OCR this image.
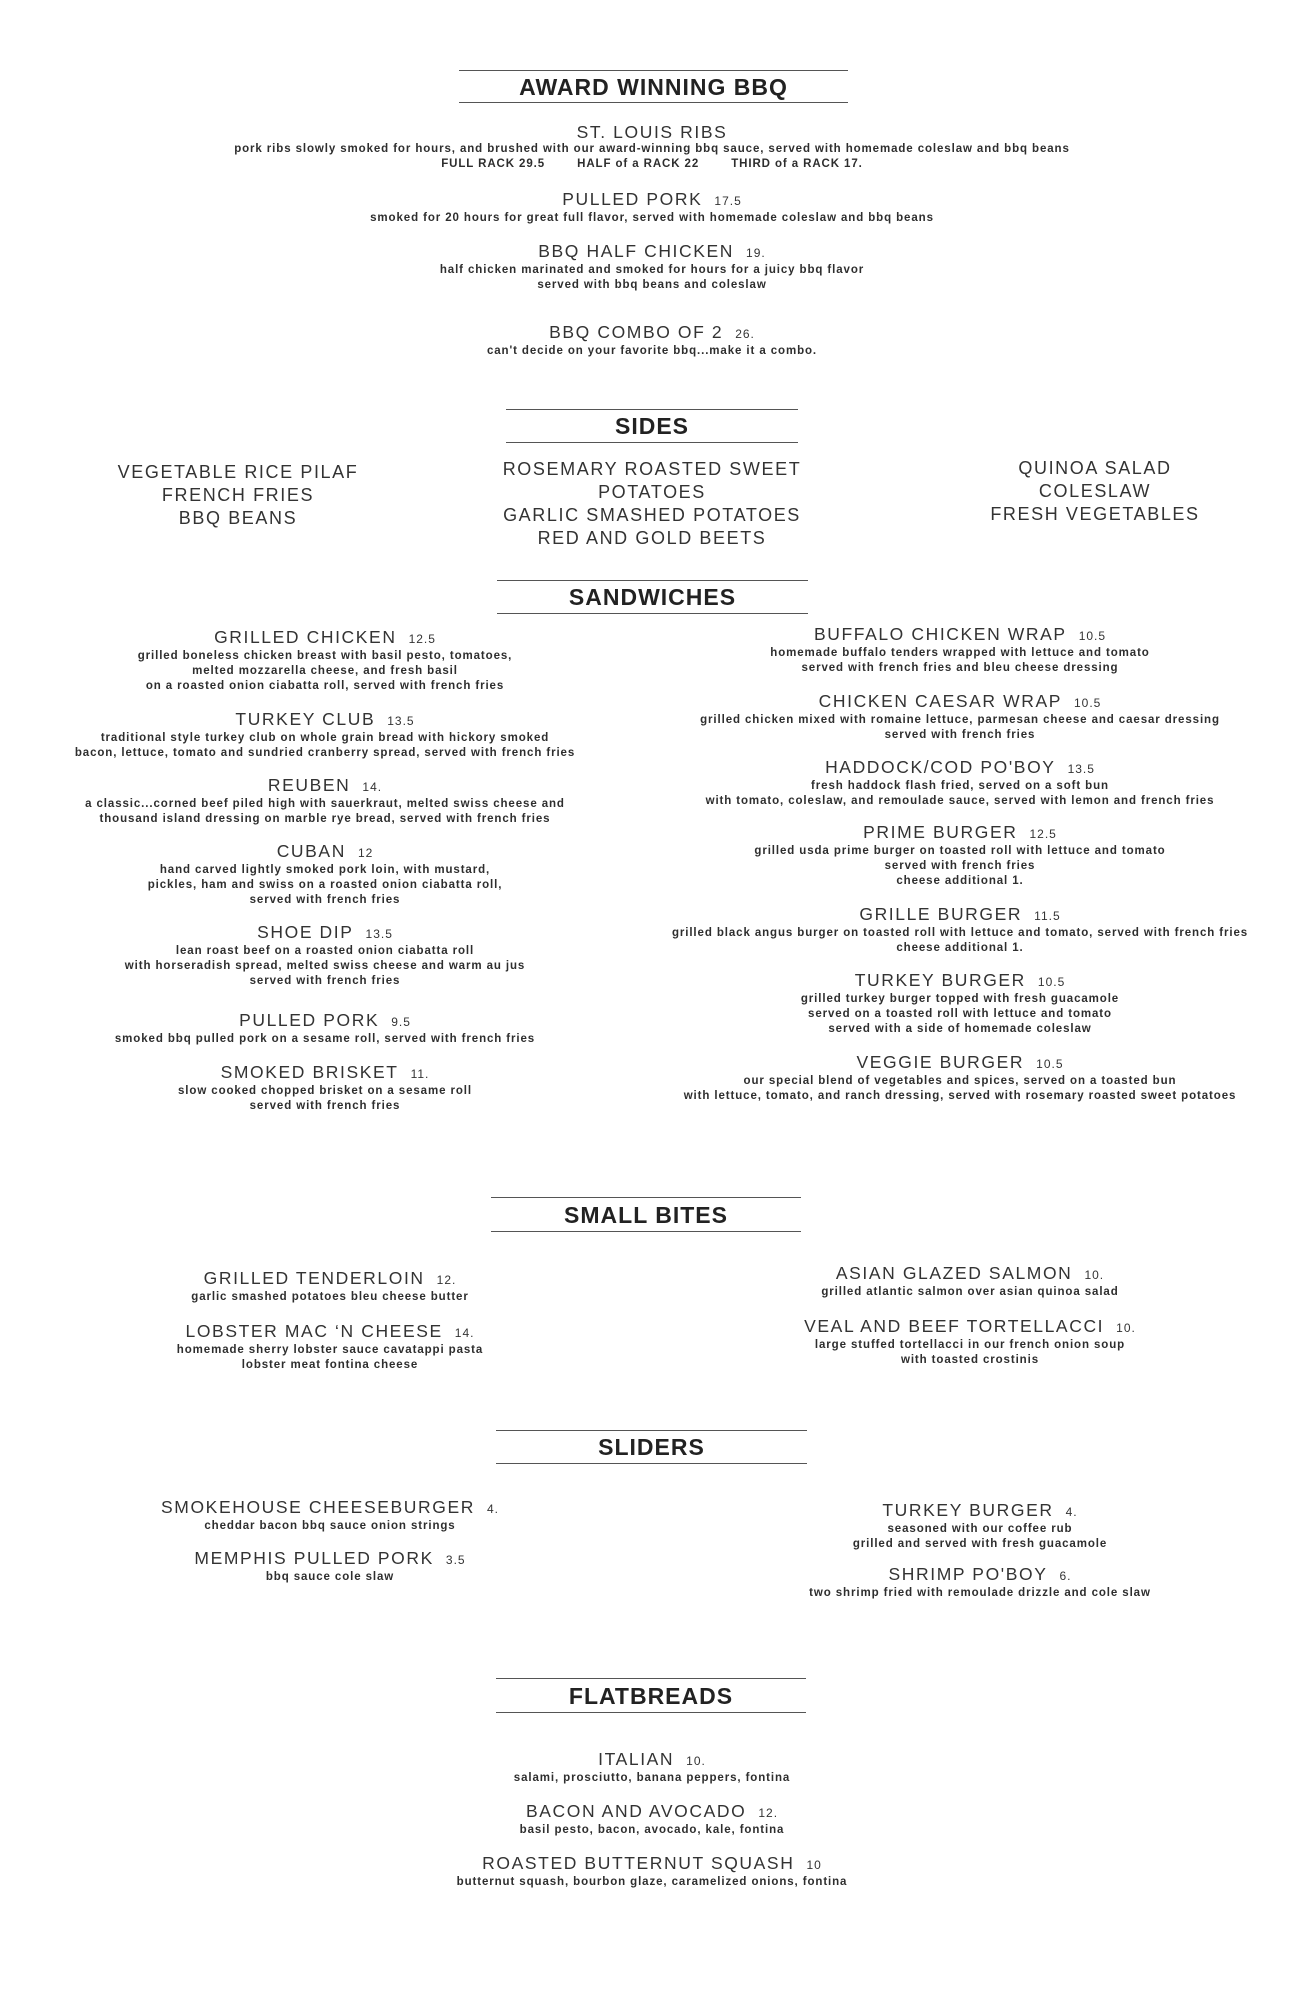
AWARD WINNING BBQ
ST. LOUIS RIBS
pork ribs slowly smoked for hours, and brushed with our award-winning bbq sauce, served with homemade coleslaw and bbq beans
FULL RACK 29.5	HALF of a RACK 22	THIRD of a RACK 17.
PULLED PORK 17.5
smoked for 20 hours for great full flavor, served with homemade coleslaw and bbq beans
BBQ HALF CHICKEN 19.
half chicken marinated and smoked for hours for a juicy bbq flavor
served with bbq beans and coleslaw
BBQ COMBO OF 2 26.
can't decide on your favorite bbq...make it a combo.
SIDES
VEGETABLE RICE PILAF
FRENCH FRIES
BBQ BEANS
ROSEMARY ROASTED SWEET POTATOES
GARLIC SMASHED POTATOES
RED AND GOLD BEETS
QUINOA SALAD
COLESLAW
FRESH VEGETABLES
SANDWICHES
GRILLED CHICKEN 12.5
grilled boneless chicken breast with basil pesto, tomatoes,
melted mozzarella cheese, and fresh basil
on a roasted onion ciabatta roll, served with french fries
TURKEY CLUB 13.5
traditional style turkey club on whole grain bread with hickory smoked
bacon, lettuce, tomato and sundried cranberry spread, served with french fries
REUBEN 14.
a classic...corned beef piled high with sauerkraut, melted swiss cheese and
thousand island dressing on marble rye bread, served with french fries
CUBAN 12
hand carved lightly smoked pork loin, with mustard,
pickles, ham and swiss on a roasted onion ciabatta roll,
served with french fries
SHOE DIP 13.5
lean roast beef on a roasted onion ciabatta roll
with horseradish spread, melted swiss cheese and warm au jus
served with french fries
PULLED PORK 9.5
smoked bbq pulled pork on a sesame roll, served with french fries
SMOKED BRISKET 11.
slow cooked chopped brisket on a sesame roll
served with french fries
BUFFALO CHICKEN WRAP 10.5
homemade buffalo tenders wrapped with lettuce and tomato
served with french fries and bleu cheese dressing
CHICKEN CAESAR WRAP 10.5
grilled chicken mixed with romaine lettuce, parmesan cheese and caesar dressing
served with french fries
HADDOCK/COD PO'BOY 13.5
fresh haddock flash fried, served on a soft bun
with tomato, coleslaw, and remoulade sauce, served with lemon and french fries
PRIME BURGER 12.5
grilled usda prime burger on toasted roll with lettuce and tomato
served with french fries
cheese additional 1.
GRILLE BURGER 11.5
grilled black angus burger on toasted roll with lettuce and tomato, served with french fries
cheese additional 1.
TURKEY BURGER 10.5
grilled turkey burger topped with fresh guacamole
served on a toasted roll with lettuce and tomato
served with a side of homemade coleslaw
VEGGIE BURGER 10.5
our special blend of vegetables and spices, served on a toasted bun
with lettuce, tomato, and ranch dressing, served with rosemary roasted sweet potatoes
SMALL BITES
GRILLED TENDERLOIN 12.
garlic smashed potatoes bleu cheese butter
LOBSTER MAC ‘N CHEESE 14.
homemade sherry lobster sauce cavatappi pasta
lobster meat fontina cheese
ASIAN GLAZED SALMON 10.
grilled atlantic salmon over asian quinoa salad
VEAL AND BEEF TORTELLACCI 10.
large stuffed tortellacci in our french onion soup
with toasted crostinis
SLIDERS
SMOKEHOUSE CHEESEBURGER 4.
cheddar bacon bbq sauce onion strings
MEMPHIS PULLED PORK 3.5
bbq sauce cole slaw
TURKEY BURGER 4.
seasoned with our coffee rub
grilled and served with fresh guacamole
SHRIMP PO'BOY 6.
two shrimp fried with remoulade drizzle and cole slaw
FLATBREADS
ITALIAN 10.
salami, prosciutto, banana peppers, fontina
BACON AND AVOCADO 12.
basil pesto, bacon, avocado, kale, fontina
ROASTED BUTTERNUT SQUASH 10
butternut squash, bourbon glaze, caramelized onions, fontina
